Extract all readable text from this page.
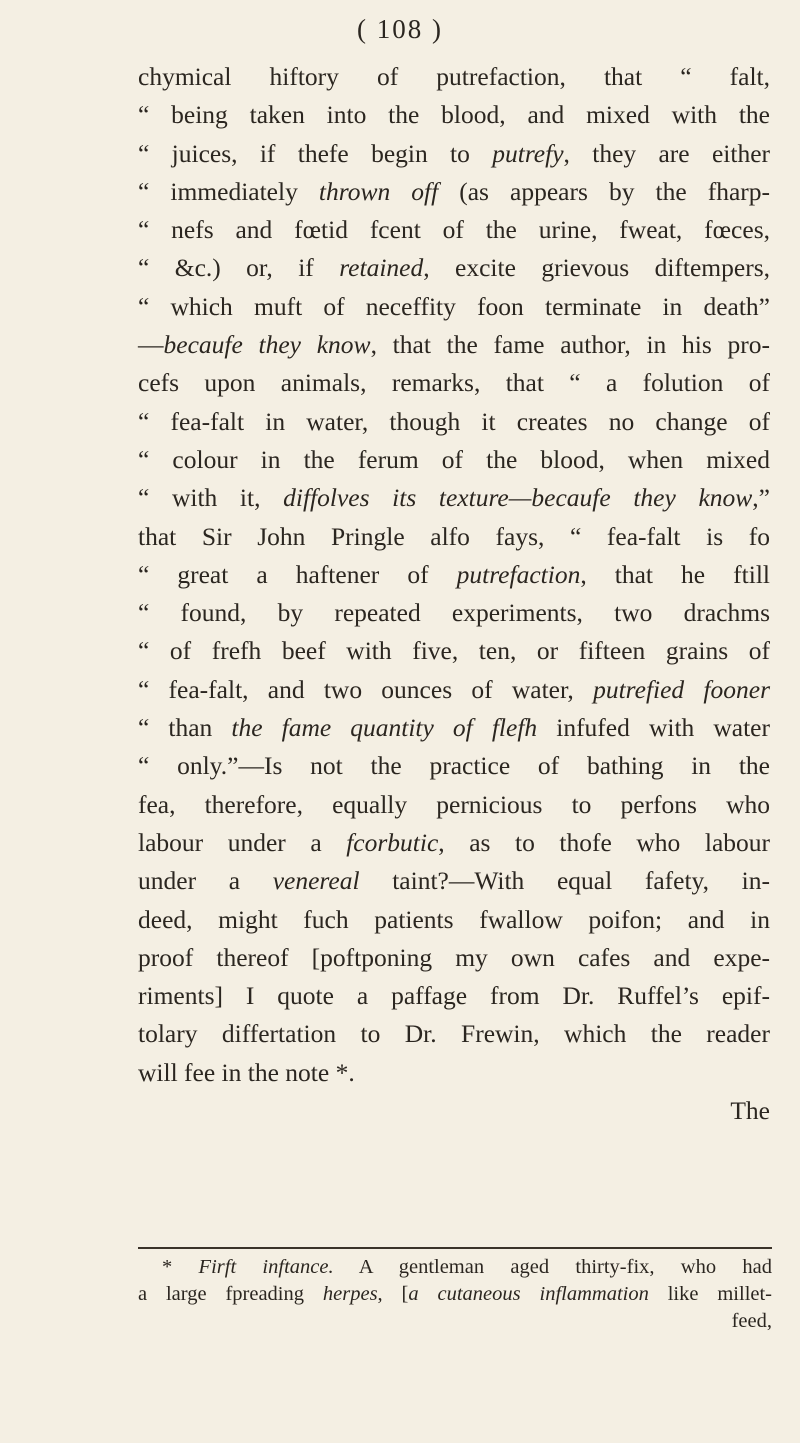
( 108 )
chymical hiftory of putrefaction, that “ falt,
“ being taken into the blood, and mixed with the
“ juices, if thefe begin to putrefy, they are either
“ immediately thrown off (as appears by the fharp-
“ nefs and fœtid fcent of the urine, fweat, fœces,
“ &c.) or, if retained, excite grievous diftempers,
“ which muft of neceffity foon terminate in death”
—becaufe they know, that the fame author, in his pro-
cefs upon animals, remarks, that “ a folution of
“ fea-falt in water, though it creates no change of
“ colour in the ferum of the blood, when mixed
“ with it, diffolves its texture—becaufe they know,”
that Sir John Pringle alfo fays, “ fea-falt is fo
“ great a haftener of putrefaction, that he ftill
“ found, by repeated experiments, two drachms
“ of frefh beef with five, ten, or fifteen grains of
“ fea-falt, and two ounces of water, putrefied fooner
“ than the fame quantity of flefh infufed with water
“ only.”—Is not the practice of bathing in the
fea, therefore, equally pernicious to perfons who
labour under a fcorbutic, as to thofe who labour
under a venereal taint?—With equal fafety, in-
deed, might fuch patients fwallow poifon; and in
proof thereof [poftponing my own cafes and expe-
riments] I quote a paffage from Dr. Ruffel’s epif-
tolary differtation to Dr. Frewin, which the reader
will fee in the note *.
The
* Firft inftance. A gentleman aged thirty-fix, who had
a large fpreading herpes, [a cutaneous inflammation like millet-
feed,
